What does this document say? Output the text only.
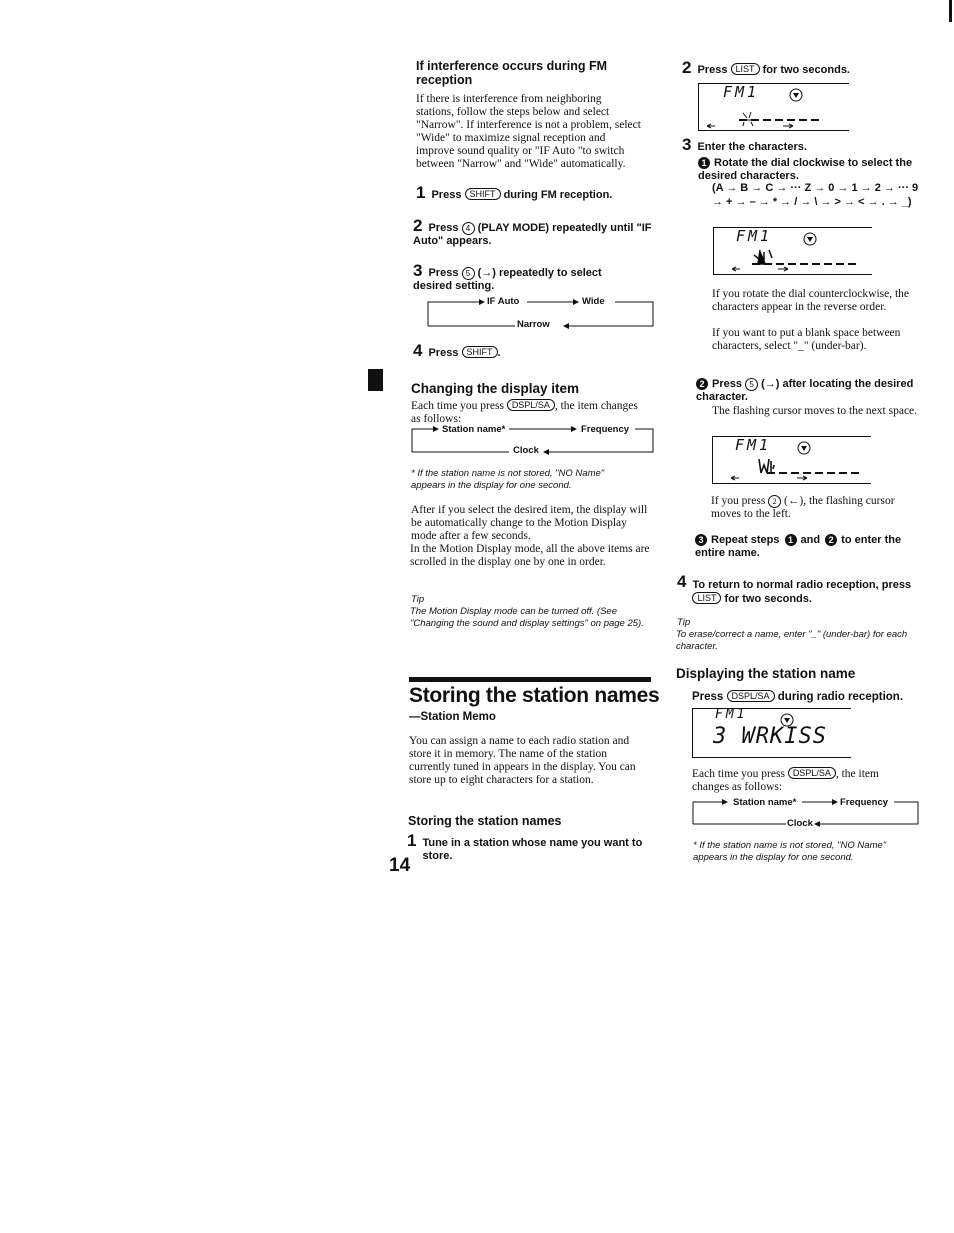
If interference occurs during FM reception
If there is interference from neighboring stations, follow the steps below and select "Narrow". If interference is not a problem, select "Wide" to maximize signal reception and improve sound quality or "IF Auto "to switch between "Narrow" and "Wide" automatically.
1 Press SHIFT during FM reception.
2 Press 4 (PLAY MODE) repeatedly until "IF Auto" appears.
3 Press 5 (→) repeatedly to select desired setting.
IF Auto	Wide
Narrow
4 Press SHIFT .
Changing the display item
Each time you press DSPL/SA , the item changes as follows:
Station name*	Frequency
Clock
* If the station name is not stored, "NO Name" appears in the display for one second.
After if you select the desired item, the display will be automatically change to the Motion Display mode after a few seconds.
In the Motion Display mode, all the above items are scrolled in the display one by one in order.
Tip
The Motion Display mode can be turned off. (See "Changing the sound and display settings" on page 25).
Storing the station names
—Station Memo
You can assign a name to each radio station and store it in memory. The name of the station currently tuned in appears in the display. You can store up to eight characters for a station.
Storing the station names
1 Tune in a station whose name you want to store.
14
2 Press LIST for two seconds.
FM1
3 Enter the characters.
1 Rotate the dial clockwise to select the desired characters.
(A → B → C → ··· Z → 0 → 1 → 2 → ··· 9 → + → – → * → / → \ → > → < → . → _)
FM1
If you rotate the dial counterclockwise, the characters appear in the reverse order.
If you want to put a blank space between characters, select "_" (under-bar).
2 Press 5 (→) after locating the desired character.
The flashing cursor moves to the next space.
FM1
If you press 2 (←), the flashing cursor moves to the left.
3 Repeat steps 1 and 2 to enter the entire name.
4 To return to normal radio reception, press LIST for two seconds.
Tip
To erase/correct a name, enter "_" (under-bar) for each character.
Displaying the station name
Press DSPL/SA during radio reception.
FM1
3 WRKISS
Each time you press DSPL/SA , the item changes as follows:
Station name*	Frequency
Clock
* If the station name is not stored, "NO Name" appears in the display for one second.
